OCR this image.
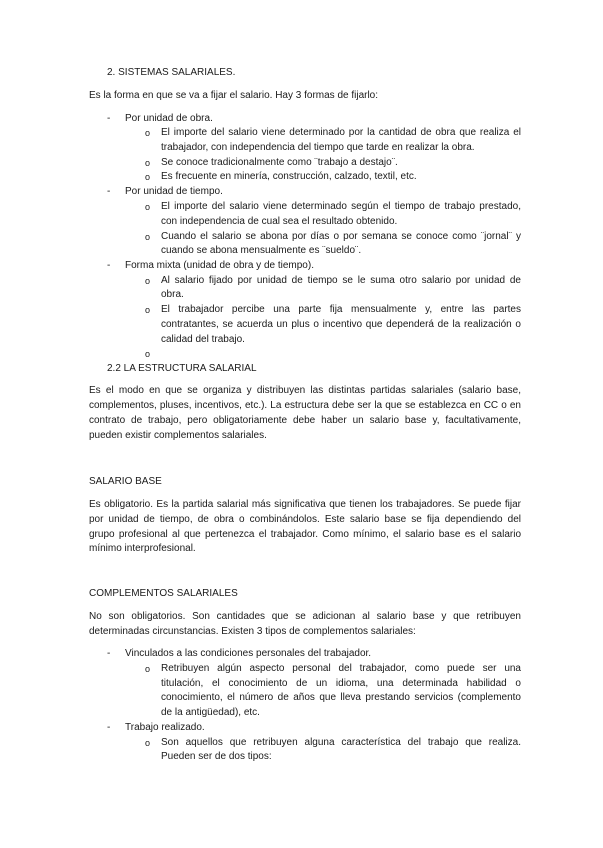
2. SISTEMAS SALARIALES.
Es la forma en que se va a fijar el salario. Hay 3 formas de fijarlo:
- Por unidad de obra.
o El importe del salario viene determinado por la cantidad de obra que realiza el
trabajador, con independencia del tiempo que tarde en realizar la obra.
o Se conoce tradicionalmente como ¨trabajo a destajo¨.
o Es frecuente en minería, construcción, calzado, textil, etc.
- Por unidad de tiempo.
o El importe del salario viene determinado según el tiempo de trabajo prestado,
con independencia de cual sea el resultado obtenido.
o Cuando el salario se abona por días o por semana se conoce como ¨jornal¨ y
cuando se abona mensualmente es ¨sueldo¨.
- Forma mixta (unidad de obra y de tiempo).
o Al salario fijado por unidad de tiempo se le suma otro salario por unidad de
obra.
o El trabajador percibe una parte fija mensualmente y, entre las partes
contratantes, se acuerda un plus o incentivo que dependerá de la realización o
calidad del trabajo.
o
2.2 LA ESTRUCTURA SALARIAL
Es el modo en que se organiza y distribuyen las distintas partidas salariales (salario base,
complementos, pluses, incentivos, etc.). La estructura debe ser la que se establezca en CC o en
contrato de trabajo, pero obligatoriamente debe haber un salario base y, facultativamente,
pueden existir complementos salariales.
SALARIO BASE
Es obligatorio. Es la partida salarial más significativa que tienen los trabajadores. Se puede fijar
por unidad de tiempo, de obra o combinándolos. Este salario base se fija dependiendo del
grupo profesional al que pertenezca el trabajador. Como mínimo, el salario base es el salario
mínimo interprofesional.
COMPLEMENTOS SALARIALES
No son obligatorios. Son cantidades que se adicionan al salario base y que retribuyen
determinadas circunstancias. Existen 3 tipos de complementos salariales:
- Vinculados a las condiciones personales del trabajador.
o Retribuyen algún aspecto personal del trabajador, como puede ser una
titulación, el conocimiento de un idioma, una determinada habilidad o
conocimiento, el número de años que lleva prestando servicios (complemento
de la antigüedad), etc.
- Trabajo realizado.
o Son aquellos que retribuyen alguna característica del trabajo que realiza.
Pueden ser de dos tipos:
